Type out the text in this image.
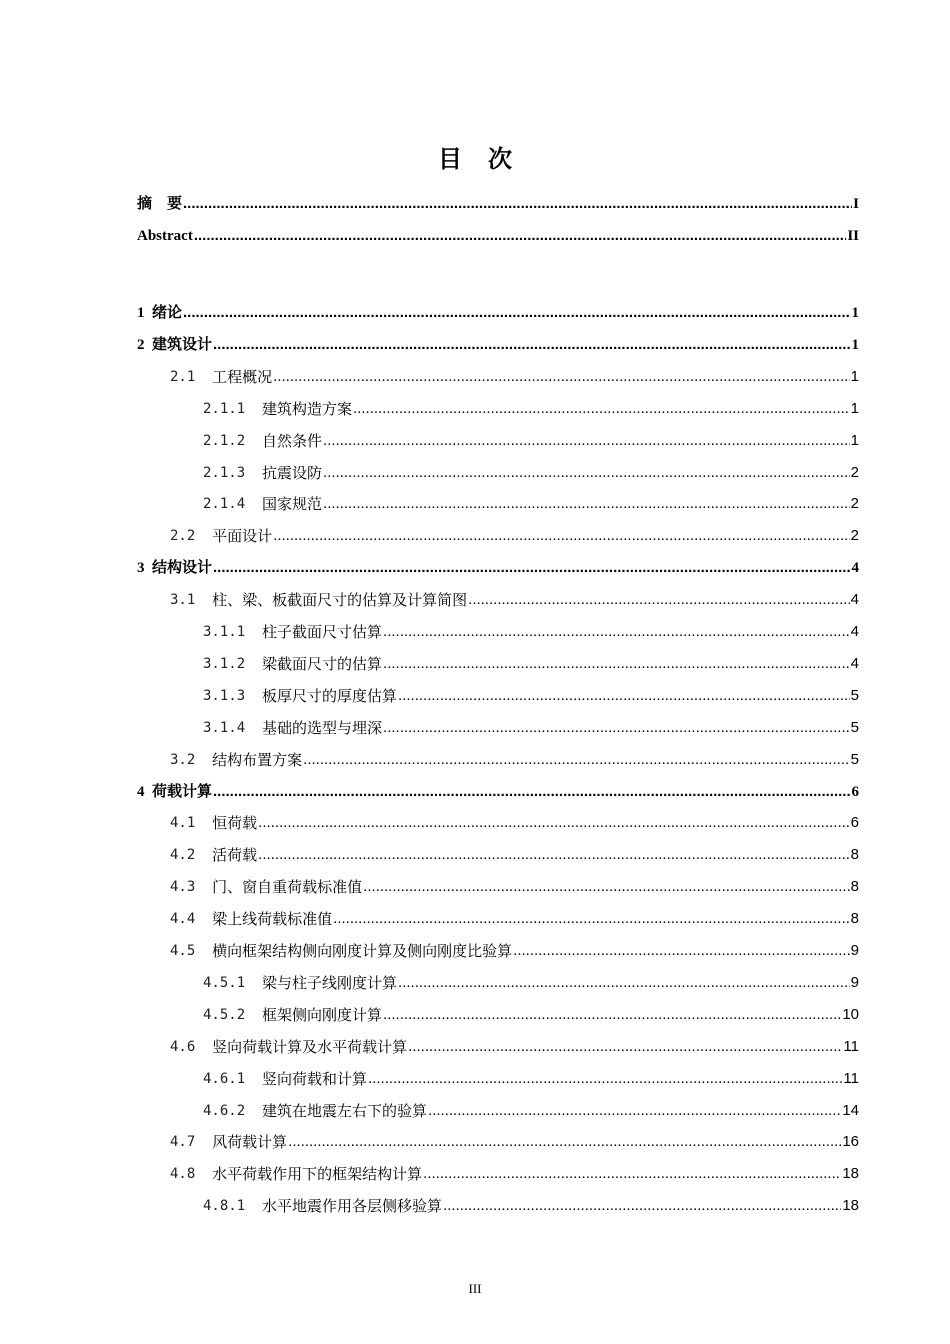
目 次
摘　要 .....	I
Abstract .....	II
1 绪论 .....	1
2 建筑设计 .....	1
2.1 工程概况 .....	1
2.1.1 建筑构造方案 .....	1
2.1.2 自然条件 .....	1
2.1.3 抗震设防 .....	2
2.1.4 国家规范 .....	2
2.2 平面设计 .....	2
3 结构设计 .....	4
3.1 柱、梁、板截面尺寸的估算及计算简图 .....	4
3.1.1 柱子截面尺寸估算 .....	4
3.1.2 梁截面尺寸的估算 .....	4
3.1.3 板厚尺寸的厚度估算 .....	5
3.1.4 基础的选型与埋深 .....	5
3.2 结构布置方案 .....	5
4 荷载计算 .....	6
4.1 恒荷载 .....	6
4.2 活荷载 .....	8
4.3 门、窗自重荷载标准值 .....	8
4.4 梁上线荷载标准值 .....	8
4.5 横向框架结构侧向刚度计算及侧向刚度比验算 .....	9
4.5.1 梁与柱子线刚度计算 .....	9
4.5.2 框架侧向刚度计算 .....	10
4.6 竖向荷载计算及水平荷载计算 .....	11
4.6.1 竖向荷载和计算 .....	11
4.6.2 建筑在地震左右下的验算 .....	14
4.7 风荷载计算 .....	16
4.8 水平荷载作用下的框架结构计算 .....	18
4.8.1 水平地震作用各层侧移验算 .....	18
III
